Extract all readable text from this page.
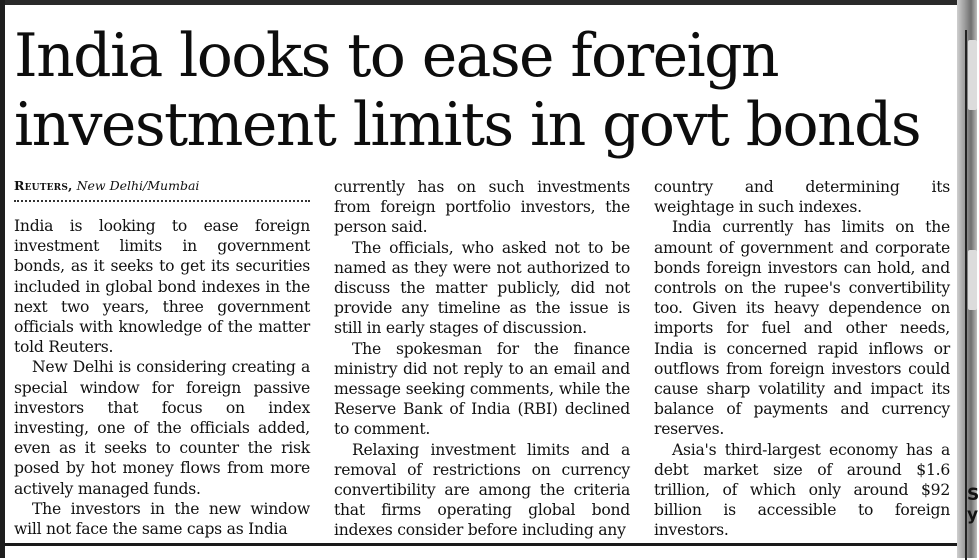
India looks to ease foreign
investment limits in govt bonds
Reuters, New Delhi/Mumbai

India is looking to ease foreign investment limits in government bonds, as it seeks to get its securities included in global bond indexes in the next two years, three government officials with knowledge of the matter told Reuters.

New Delhi is considering creating a special window for foreign passive investors that focus on index investing, one of the officials added, even as it seeks to counter the risk posed by hot money flows from more actively managed funds.

The investors in the new window will not face the same caps as India

currently has on such investments from foreign portfolio investors, the person said.

The officials, who asked not to be named as they were not authorized to discuss the matter publicly, did not provide any timeline as the issue is still in early stages of discussion.

The spokesman for the finance ministry did not reply to an email and message seeking comments, while the Reserve Bank of India (RBI) declined to comment.

Relaxing investment limits and a removal of restrictions on currency convertibility are among the criteria that firms operating global bond indexes consider before including any

country and determining its weightage in such indexes.

India currently has limits on the amount of government and corporate bonds foreign investors can hold, and controls on the rupee's convertibility too. Given its heavy dependence on imports for fuel and other needs, India is concerned rapid inflows or outflows from foreign investors could cause sharp volatility and impact its balance of payments and currency reserves.

Asia's third-largest economy has a debt market size of around $1.6 trillion, of which only around $92 billion is accessible to foreign investors.

S
y
